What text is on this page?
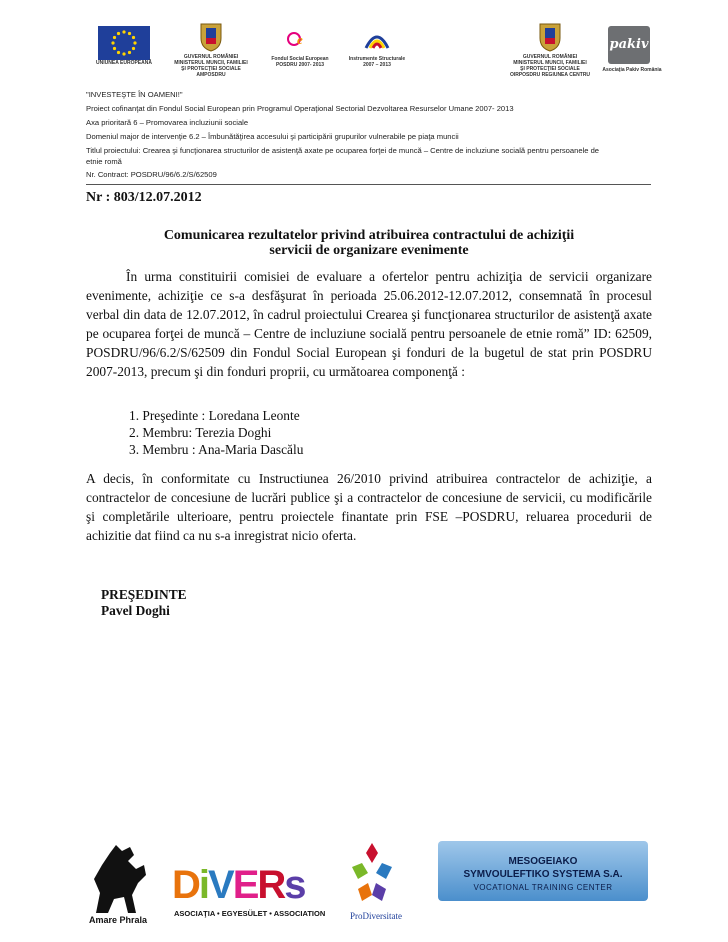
UNIUNEA EUROPEANĂ
GUVERNUL ROMÂNIEI
MINISTERUL MUNCII, FAMILIEI
ŞI PROTECŢIEI SOCIALE
AMPOSDRU
e
Fondul Social European
POSDRU 2007- 2013
Instrumente Structurale
2007 – 2013
GUVERNUL ROMÂNIEI
MINISTERUL MUNCII, FAMILIEI
ŞI PROTECŢIEI SOCIALE
OIRPOSDRU REGIUNEA CENTRU
pakiv
Asociaţia Pakiv România
"INVESTEŞTE ÎN OAMENI!"
Proiect cofinanţat din Fondul Social European prin Programul Operaţional Sectorial Dezvoltarea Resurselor Umane 2007- 2013
Axa prioritară 6 – Promovarea incluziunii sociale
Domeniul major de intervenţie 6.2 – Îmbunătăţirea accesului şi participării grupurilor vulnerabile pe piaţa muncii
Titlul proiectului: Crearea şi funcţionarea structurilor de asistenţă axate pe ocuparea forţei de muncă – Centre de incluziune socială pentru persoanele de
etnie romă
Nr. Contract: POSDRU/96/6.2/S/62509
Nr : 803/12.07.2012
Comunicarea rezultatelor privind atribuirea contractului de achiziţii
servicii de organizare evenimente
În urma constituirii comisiei de evaluare a ofertelor pentru achiziţia de servicii organizare evenimente, achiziţie ce s-a desfăşurat în perioada 25.06.2012-12.07.2012, consemnată în procesul verbal din data de 12.07.2012, în cadrul proiectului Crearea şi funcţionarea structurilor de asistenţă axate pe ocuparea forţei de muncă – Centre de incluziune socială pentru persoanele de etnie romă” ID: 62509, POSDRU/96/6.2/S/62509 din Fondul Social European şi fonduri de la bugetul de stat prin POSDRU 2007-2013, precum şi din fonduri proprii, cu următoarea componenţă :
1. Preşedinte : Loredana Leonte
2. Membru: Terezia Doghi
3. Membru : Ana-Maria Dascălu
A decis, în conformitate cu Instructiunea 26/2010 privind atribuirea contractelor de achiziţie, a contractelor de concesiune de lucrări publice şi a contractelor de concesiune de servicii, cu modificările şi completările ulterioare, pentru proiectele finantate prin FSE –POSDRU, reluarea procedurii de achizitie dat fiind ca nu s-a inregistrat nicio oferta.
PREŞEDINTE
Pavel Doghi
Amare Phrala
DiVERs
ASOCIAŢIA • EGYESÜLET • ASSOCIATION	ProDiversitate
MESOGEIAKO
SYMVOULEFTIKO SYSTEMA S.A.
VOCATIONAL TRAINING CENTER
